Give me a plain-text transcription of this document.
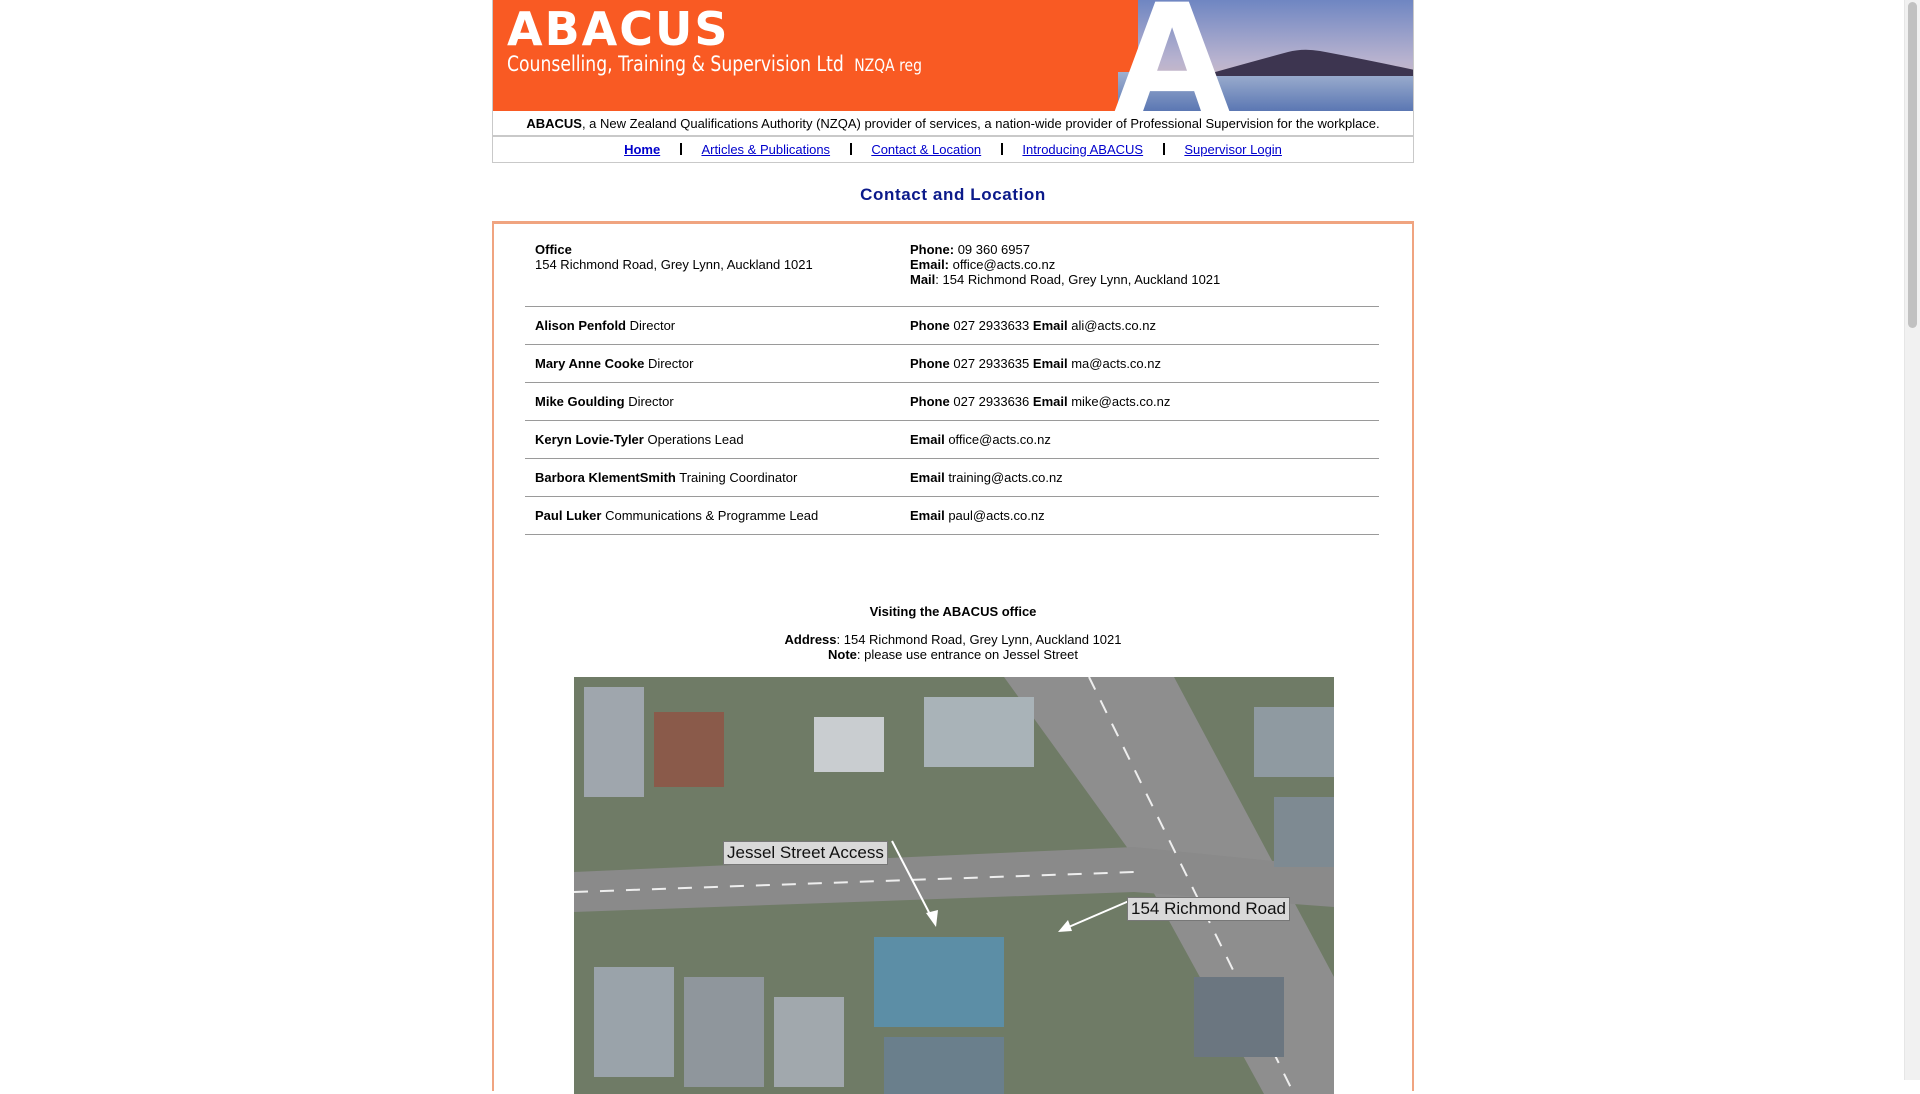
ABACUS
Counselling, Training & Supervision Ltd NZQA reg A
ABACUS, a New Zealand Qualifications Authority (NZQA) provider of services, a nation-wide provider of Professional Supervision for the workplace.
Home	Articles & Publications	Contact & Location	Introducing ABACUS	Supervisor Login
Contact and Location
Office
154 Richmond Road, Grey Lynn, Auckland 1021	Phone: 09 360 6957
Email: office@acts.co.nz
Mail: 154 Richmond Road, Grey Lynn, Auckland 1021
Alison Penfold Director	Phone 027 2933633 Email ali@acts.co.nz
Mary Anne Cooke Director	Phone 027 2933635 Email ma@acts.co.nz
Mike Goulding Director	Phone 027 2933636 Email mike@acts.co.nz
Keryn Lovie-Tyler Operations Lead	Email office@acts.co.nz
Barbora KlementSmith Training Coordinator	Email training@acts.co.nz
Paul Luker Communications & Programme Lead	Email paul@acts.co.nz
Visiting the ABACUS office
Address: 154 Richmond Road, Grey Lynn, Auckland 1021
Note: please use entrance on Jessel Street
Jessel Street Access
154 Richmond Road
